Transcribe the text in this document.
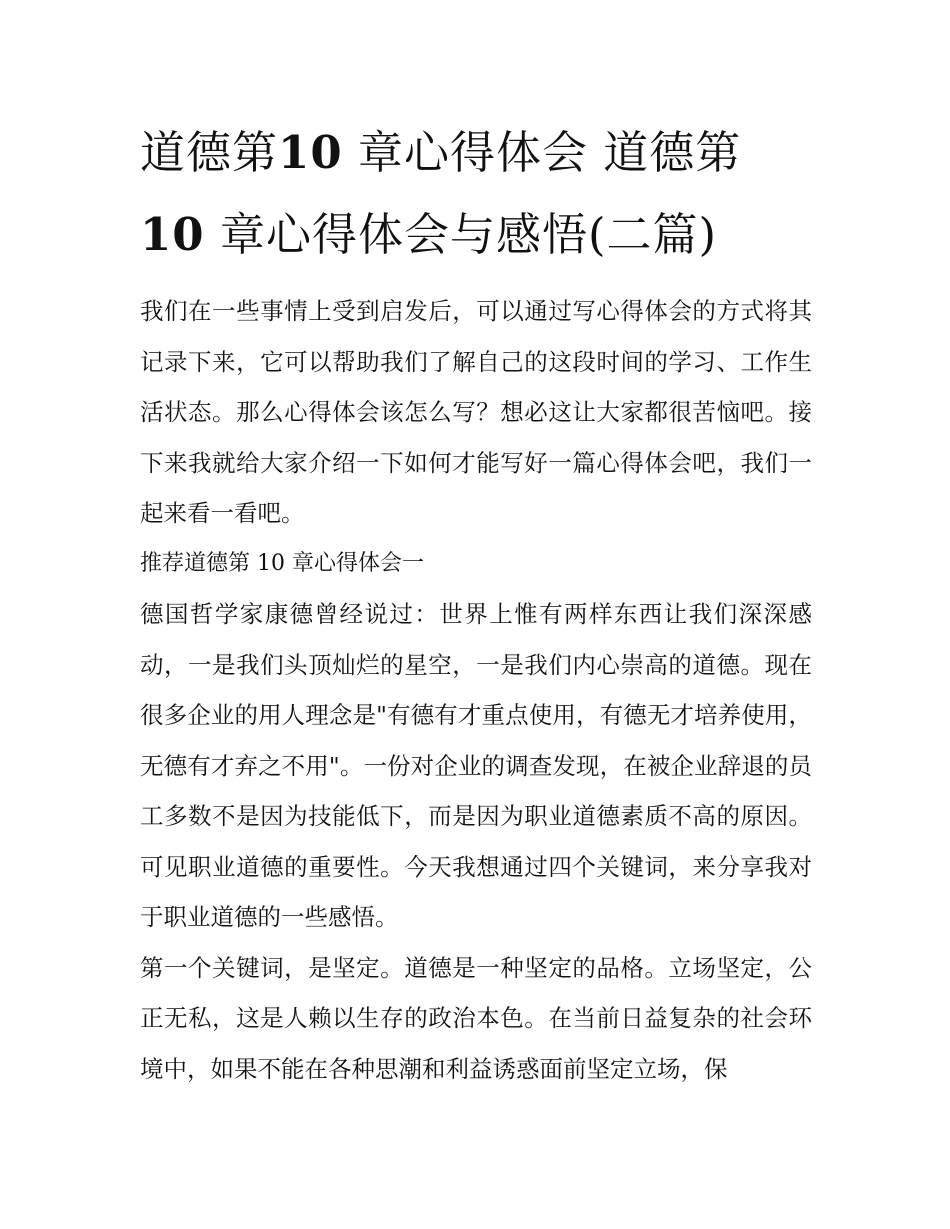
道德第10 章心得体会 道德第
10 章心得体会与感悟(二篇)

我们在一些事情上受到启发后，可以通过写心得体会的方式将其记录下来，它可以帮助我们了解自己的这段时间的学习、工作生活状态。那么心得体会该怎么写？想必这让大家都很苦恼吧。接下来我就给大家介绍一下如何才能写好一篇心得体会吧，我们一起来看一看吧。

推荐道德第 10 章心得体会一

德国哲学家康德曾经说过：世界上惟有两样东西让我们深深感动，一是我们头顶灿烂的星空，一是我们内心崇高的道德。现在很多企业的用人理念是"有德有才重点使用，有德无才培养使用，无德有才弃之不用"。一份对企业的调查发现，在被企业辞退的员工多数不是因为技能低下，而是因为职业道德素质不高的原因。可见职业道德的重要性。今天我想通过四个关键词，来分享我对于职业道德的一些感悟。

第一个关键词，是坚定。道德是一种坚定的品格。立场坚定，公正无私，这是人赖以生存的政治本色。在当前日益复杂的社会环境中，如果不能在各种思潮和利益诱惑面前坚定立场，保
